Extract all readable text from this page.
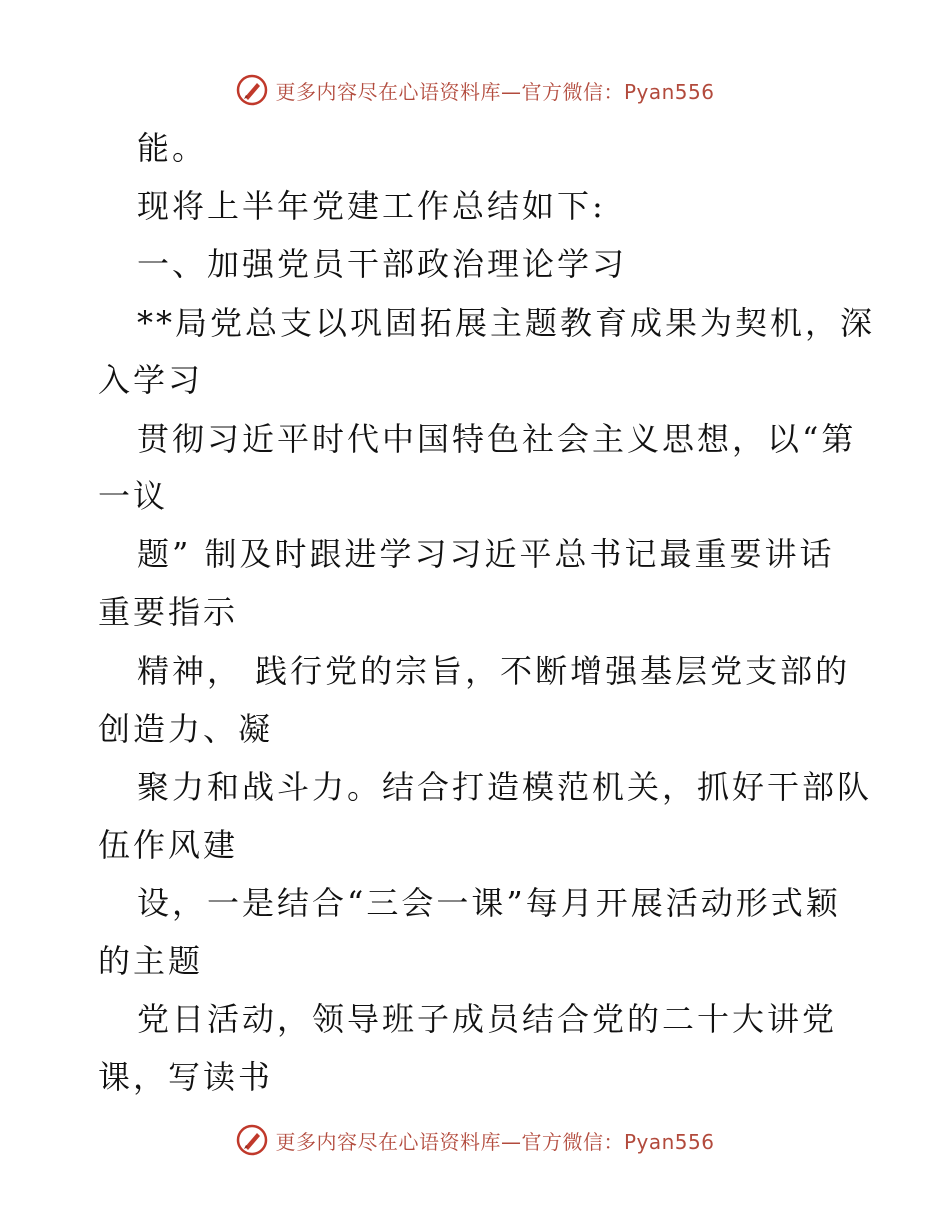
更多内容尽在心语资料库—官方微信：Pyan556
能。
现将上半年党建工作总结如下:
一、加强党员干部政治理论学习
**局党总支以巩固拓展主题教育成果为契机，深
入学习
贯彻习近平时代中国特色社会主义思想，以“第
一议
题” 制及时跟进学习习近平总书记最重要讲话
重要指示
精神， 践行党的宗旨，不断增强基层党支部的
创造力、凝
聚力和战斗力。结合打造模范机关，抓好干部队
伍作风建
设，一是结合“三会一课”每月开展活动形式颖
的主题
党日活动，领导班子成员结合党的二十大讲党
课，写读书
更多内容尽在心语资料库—官方微信：Pyan556
